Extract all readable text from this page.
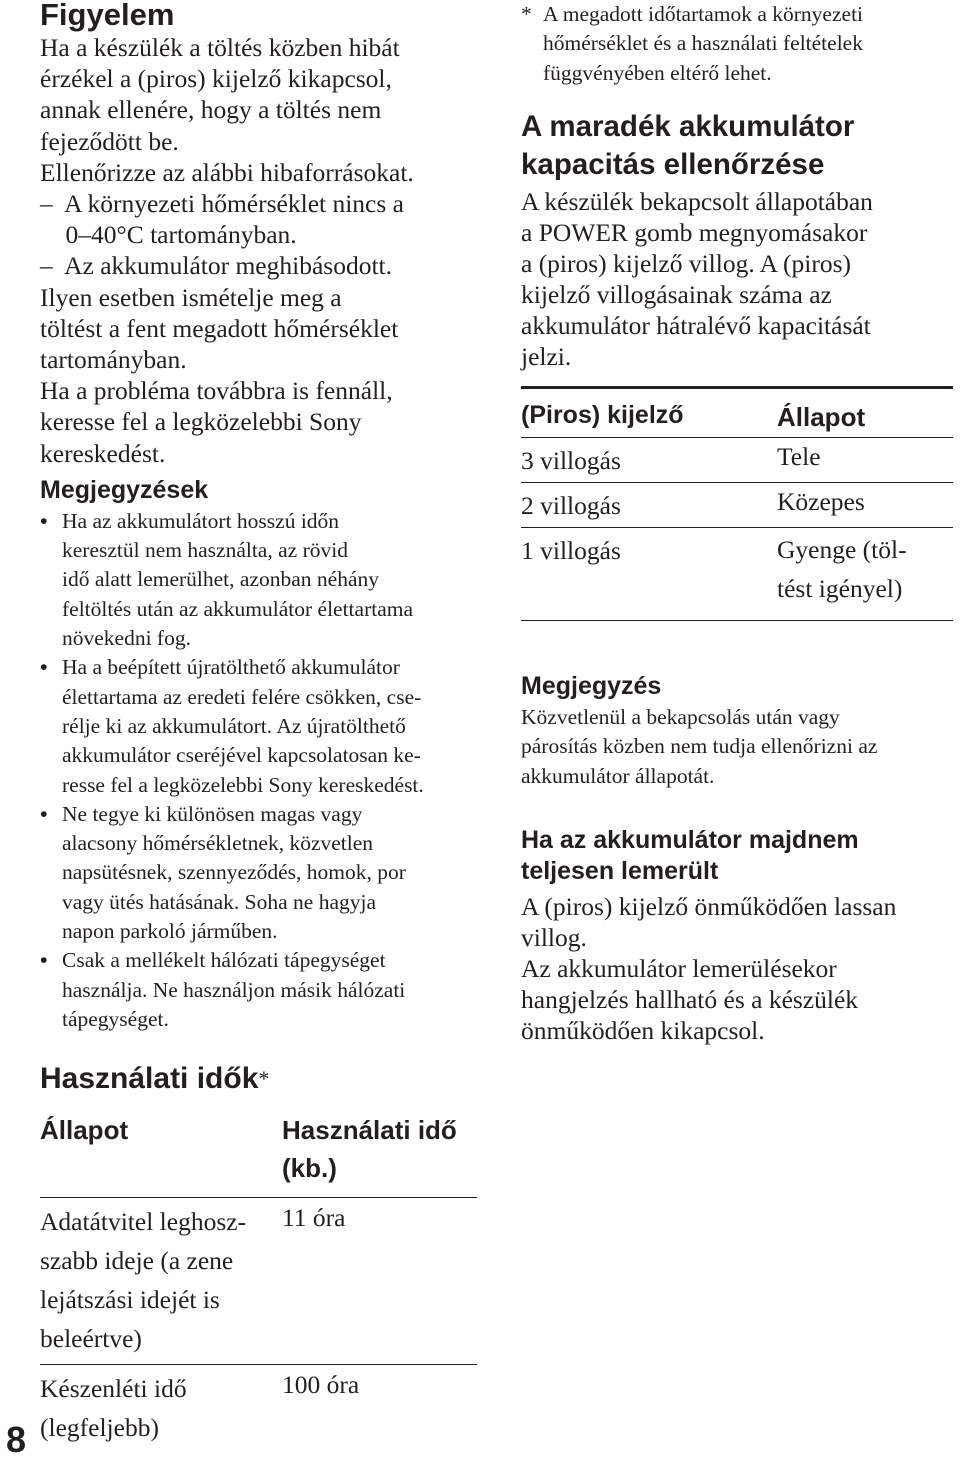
Figyelem
Ha a készülék a töltés közben hibát
érzékel a (piros) kijelző kikapcsol,
annak ellenére, hogy a töltés nem
fejeződött be.
Ellenőrizze az alábbi hibaforrásokat.
–  A környezeti hőmérséklet nincs a
0–40°C tartományban.
–  Az akkumulátor meghibásodott.
Ilyen esetben ismételje meg a
töltést a fent megadott hőmérséklet
tartományban.
Ha a probléma továbbra is fennáll,
keresse fel a legközelebbi Sony
kereskedést.
Megjegyzések
• Ha az akkumulátort hosszú időn
keresztül nem használta, az rövid
idő alatt lemerülhet, azonban néhány
feltöltés után az akkumulátor élettartama
növekedni fog.
• Ha a beépített újratölthető akkumulátor
élettartama az eredeti felére csökken, cse-
rélje ki az akkumulátort. Az újratölthető
akkumulátor cseréjével kapcsolatosan ke-
resse fel a legközelebbi Sony kereskedést.
• Ne tegye ki különösen magas vagy
alacsony hőmérsékletnek, közvetlen
napsütésnek, szennyeződés, homok, por
vagy ütés hatásának. Soha ne hagyja
napon parkoló járműben.
• Csak a mellékelt hálózati tápegységet
használja. Ne használjon másik hálózati
tápegységet.
Használati idők*
Állapot	Használati idő
(kb.)

Adatátvitel leghosz-
szabb ideje (a zene
lejátszási idejét is
beleértve)	11 óra

Készenléti idő
(legfeljebb)	100 óra
* A megadott időtartamok a környezeti
hőmérséklet és a használati feltételek
függvényében eltérő lehet.
A maradék akkumulátor
kapacitás ellenőrzése
A készülék bekapcsolt állapotában
a POWER gomb megnyomásakor
a (piros) kijelző villog. A (piros)
kijelző villogásainak száma az
akkumulátor hátralévő kapacitását
jelzi.
(Piros) kijelző	Állapot
3 villogás	Tele

2 villogás	Közepes

1 villogás	Gyenge (töl-
tést igényel)
Megjegyzés
Közvetlenül a bekapcsolás után vagy
párosítás közben nem tudja ellenőrizni az
akkumulátor állapotát.
Ha az akkumulátor majdnem
teljesen lemerült
A (piros) kijelző önműködően lassan
villog.
Az akkumulátor lemerülésekor
hangjelzés hallható és a készülék
önműködően kikapcsol.
8
